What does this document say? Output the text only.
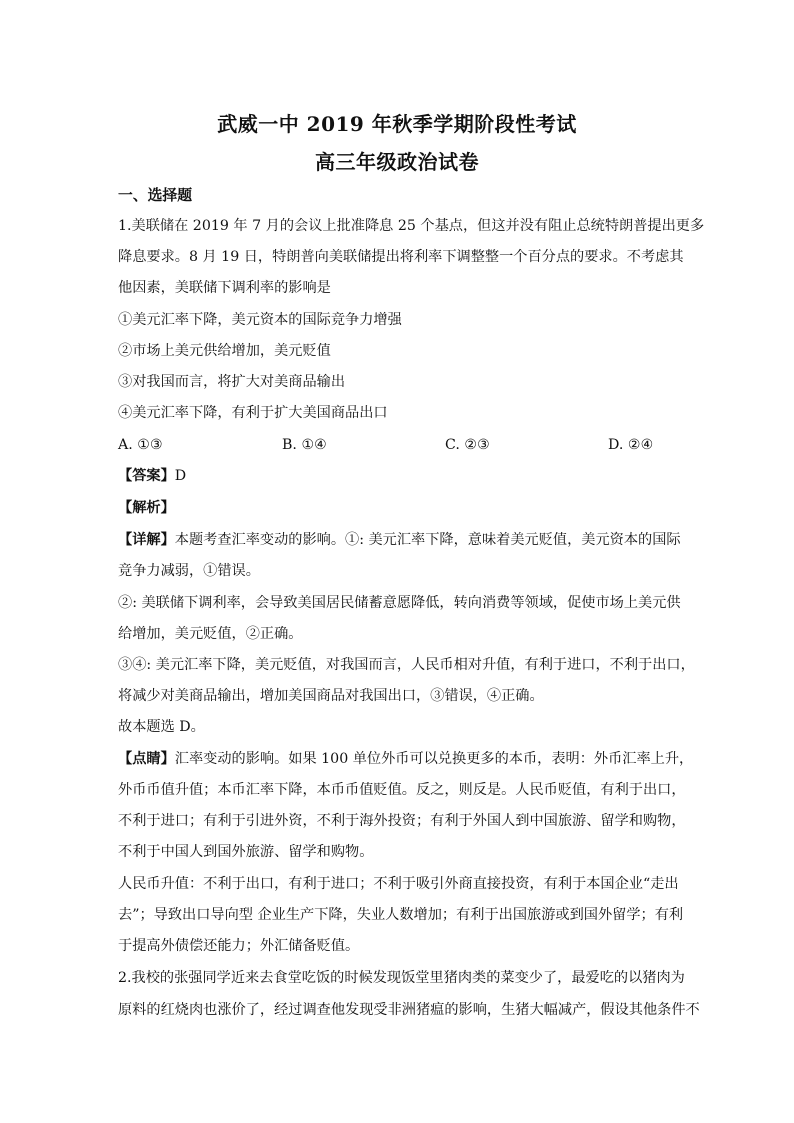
武威一中 2019 年秋季学期阶段性考试
高三年级政治试卷
一、选择题
1.美联储在 2019 年 7 月的会议上批准降息 25 个基点，但这并没有阻止总统特朗普提出更多
降息要求。8 月 19 日，特朗普向美联储提出将利率下调整整一个百分点的要求。不考虑其
他因素，美联储下调利率的影响是
①美元汇率下降，美元资本的国际竞争力增强
②市场上美元供给增加，美元贬值
③对我国而言，将扩大对美商品输出
④美元汇率下降，有利于扩大美国商品出口
A. ①③	B. ①④	C. ②③	D. ②④
【答案】D
【解析】
【详解】本题考查汇率变动的影响。①: 美元汇率下降，意味着美元贬值，美元资本的国际
竞争力减弱，①错误。
②: 美联储下调利率，会导致美国居民储蓄意愿降低，转向消费等领域，促使市场上美元供
给增加，美元贬值，②正确。
③④: 美元汇率下降，美元贬值，对我国而言，人民币相对升值，有利于进口，不利于出口，
将减少对美商品输出，增加美国商品对我国出口，③错误，④正确。
故本题选 D。
【点睛】汇率变动的影响。如果 100 单位外币可以兑换更多的本币，表明：外币汇率上升，
外币币值升值；本币汇率下降，本币币值贬值。反之，则反是。人民币贬值，有利于出口，
不利于进口；有利于引进外资，不利于海外投资；有利于外国人到中国旅游、留学和购物，
不利于中国人到国外旅游、留学和购物。
人民币升值：不利于出口，有利于进口；不利于吸引外商直接投资，有利于本国企业“走出
去”；导致出口导向型 企业生产下降，失业人数增加；有利于出国旅游或到国外留学；有利
于提高外债偿还能力；外汇储备贬值。
2.我校的张强同学近来去食堂吃饭的时候发现饭堂里猪肉类的菜变少了，最爱吃的以猪肉为
原料的红烧肉也涨价了，经过调查他发现受非洲猪瘟的影响，生猪大幅减产，假设其他条件不
